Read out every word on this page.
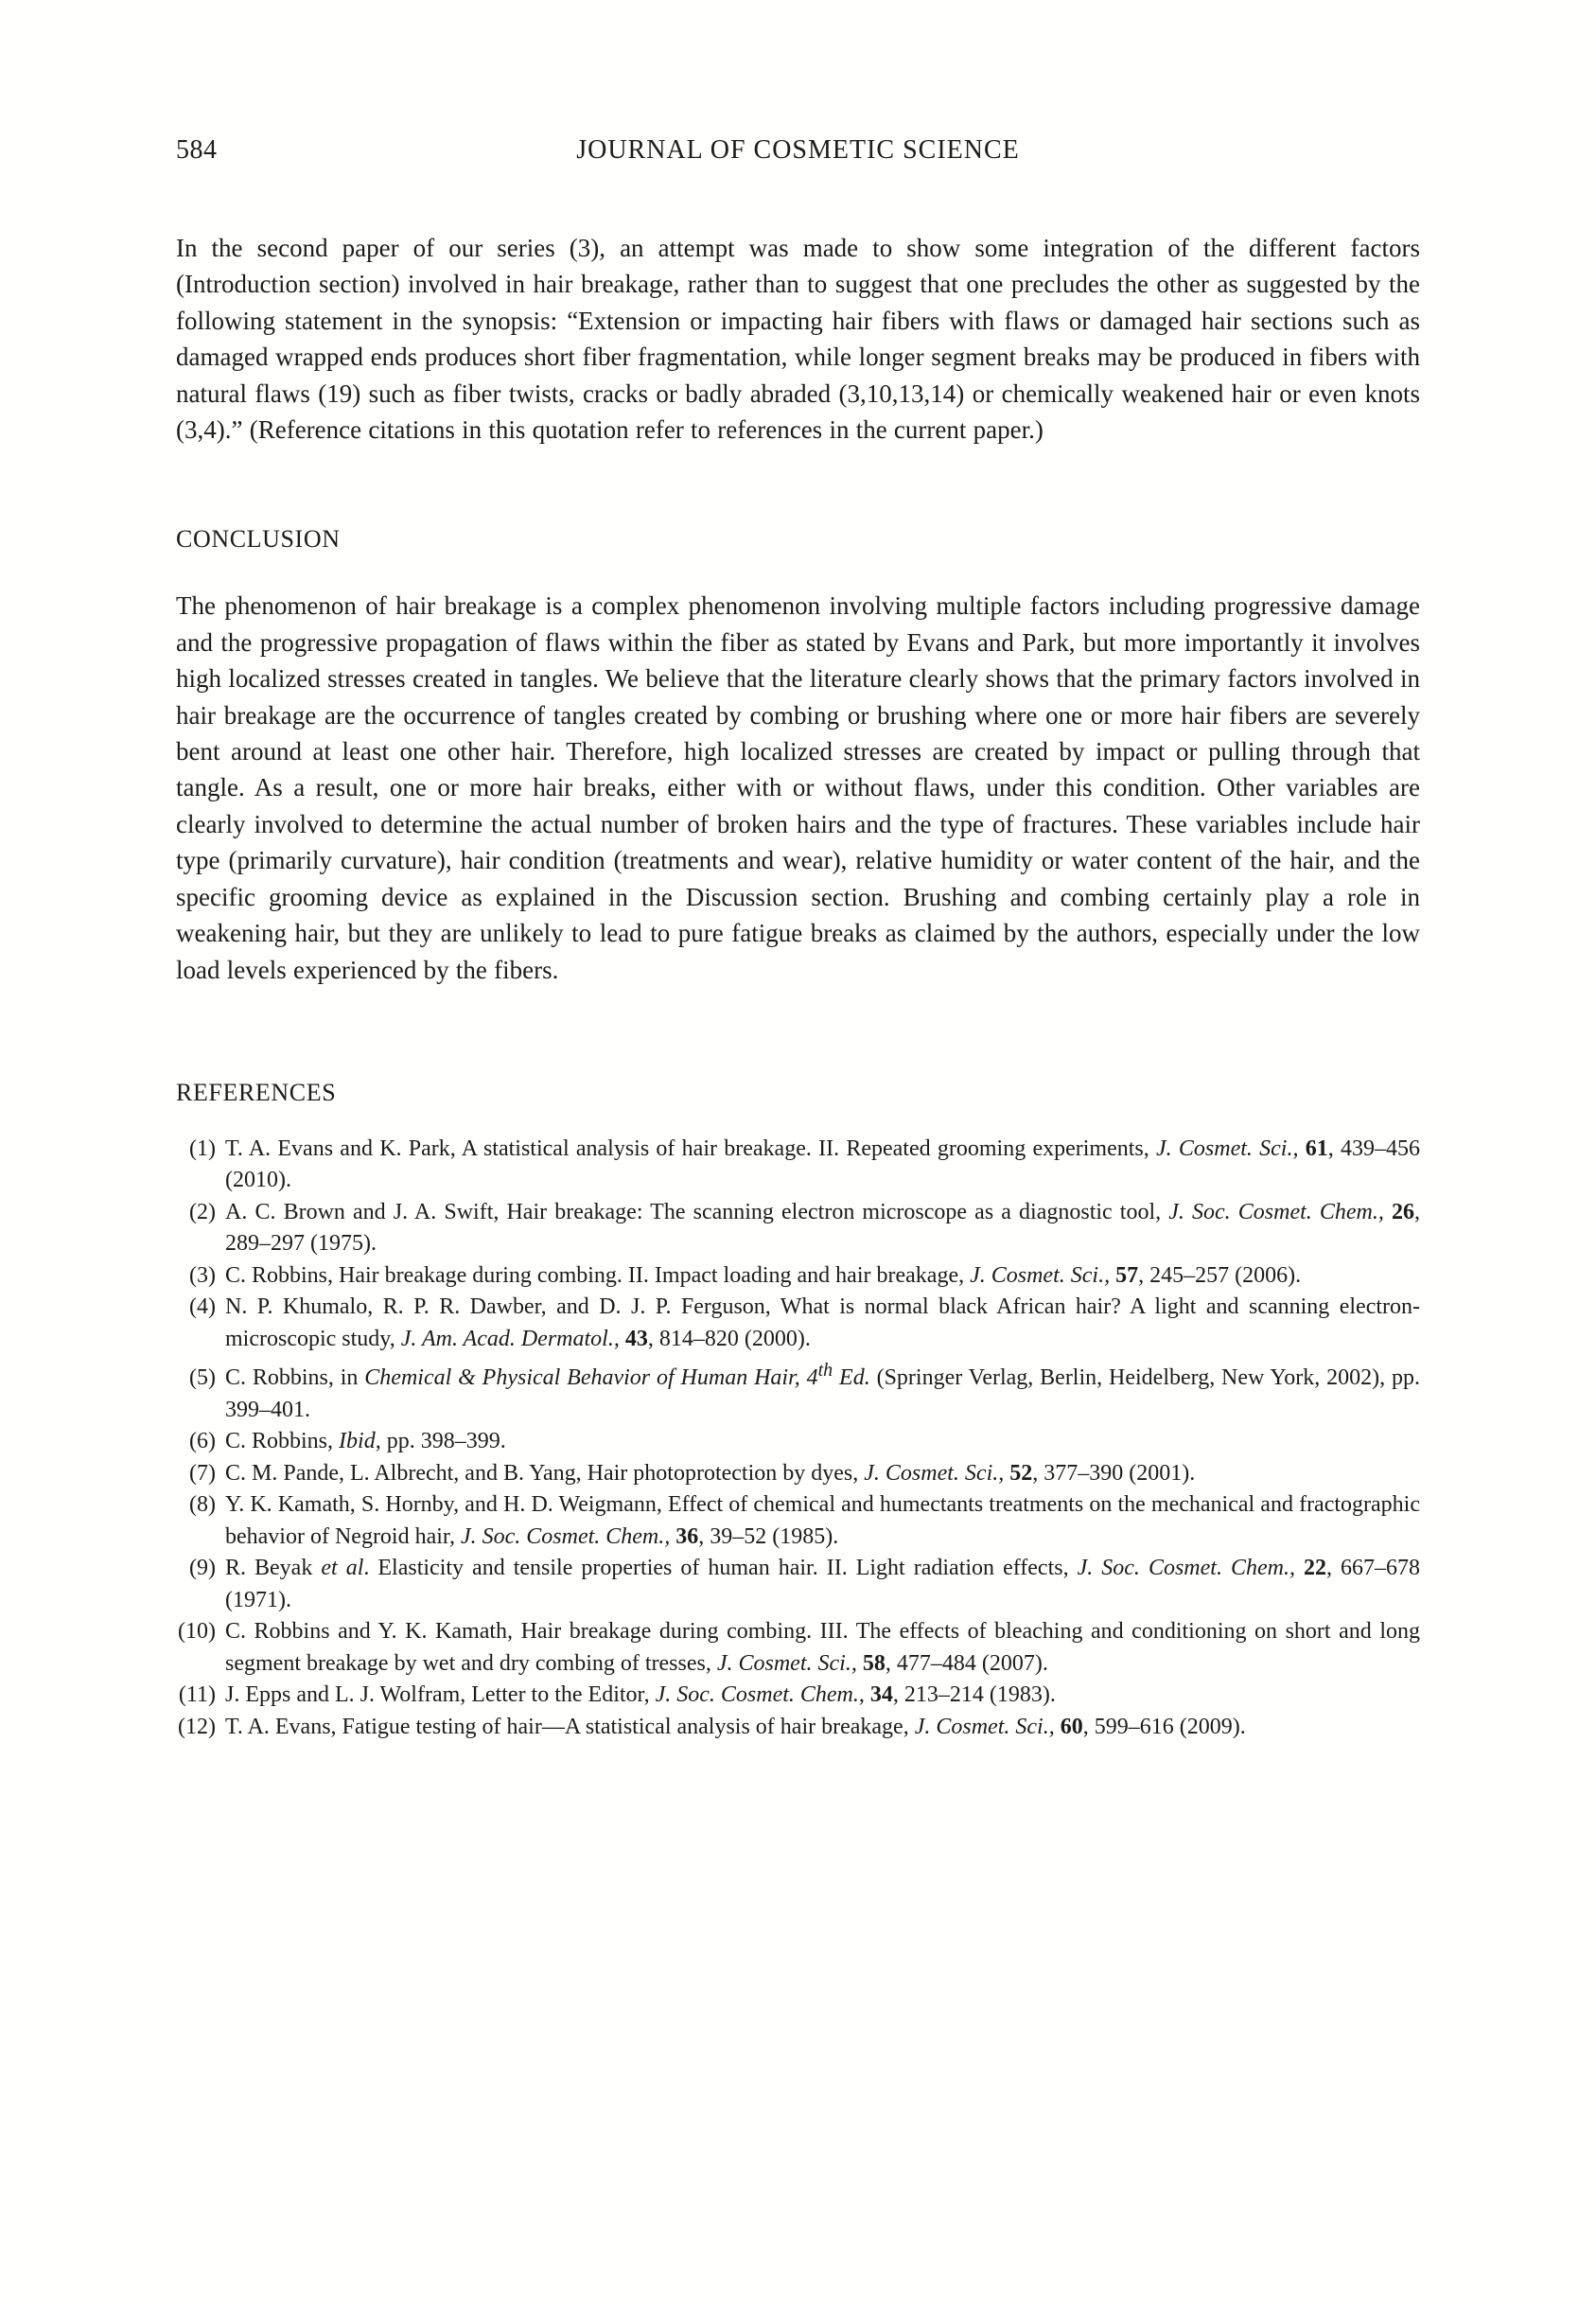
584	JOURNAL OF COSMETIC SCIENCE

In the second paper of our series (3), an attempt was made to show some integration of the different factors (Introduction section) involved in hair breakage, rather than to suggest that one precludes the other as suggested by the following statement in the synopsis: “Extension or impacting hair fibers with flaws or damaged hair sections such as damaged wrapped ends produces short fiber fragmentation, while longer segment breaks may be produced in fibers with natural flaws (19) such as fiber twists, cracks or badly abraded (3,10,13,14) or chemically weakened hair or even knots (3,4).” (Reference citations in this quotation refer to references in the current paper.)

CONCLUSION

The phenomenon of hair breakage is a complex phenomenon involving multiple factors including progressive damage and the progressive propagation of flaws within the fiber as stated by Evans and Park, but more importantly it involves high localized stresses created in tangles. We believe that the literature clearly shows that the primary factors involved in hair breakage are the occurrence of tangles created by combing or brushing where one or more hair fibers are severely bent around at least one other hair. Therefore, high localized stresses are created by impact or pulling through that tangle. As a result, one or more hair breaks, either with or without flaws, under this condition. Other variables are clearly involved to determine the actual number of broken hairs and the type of fractures. These variables include hair type (primarily curvature), hair condition (treatments and wear), relative humidity or water content of the hair, and the specific grooming device as explained in the Discussion section. Brushing and combing certainly play a role in weakening hair, but they are unlikely to lead to pure fatigue breaks as claimed by the authors, especially under the low load levels experienced by the fibers.

REFERENCES
(1) T. A. Evans and K. Park, A statistical analysis of hair breakage. II. Repeated grooming experiments, J. Cosmet. Sci., 61, 439–456 (2010).
(2) A. C. Brown and J. A. Swift, Hair breakage: The scanning electron microscope as a diagnostic tool, J. Soc. Cosmet. Chem., 26, 289–297 (1975).
(3) C. Robbins, Hair breakage during combing. II. Impact loading and hair breakage, J. Cosmet. Sci., 57, 245–257 (2006).
(4) N. P. Khumalo, R. P. R. Dawber, and D. J. P. Ferguson, What is normal black African hair? A light and scanning electron-microscopic study, J. Am. Acad. Dermatol., 43, 814–820 (2000).
(5) C. Robbins, in Chemical & Physical Behavior of Human Hair, 4th Ed. (Springer Verlag, Berlin, Heidelberg, New York, 2002), pp. 399–401.
(6) C. Robbins, Ibid, pp. 398–399.
(7) C. M. Pande, L. Albrecht, and B. Yang, Hair photoprotection by dyes, J. Cosmet. Sci., 52, 377–390 (2001).
(8) Y. K. Kamath, S. Hornby, and H. D. Weigmann, Effect of chemical and humectants treatments on the mechanical and fractographic behavior of Negroid hair, J. Soc. Cosmet. Chem., 36, 39–52 (1985).
(9) R. Beyak et al. Elasticity and tensile properties of human hair. II. Light radiation effects, J. Soc. Cosmet. Chem., 22, 667–678 (1971).
(10) C. Robbins and Y. K. Kamath, Hair breakage during combing. III. The effects of bleaching and conditioning on short and long segment breakage by wet and dry combing of tresses, J. Cosmet. Sci., 58, 477–484 (2007).
(11) J. Epps and L. J. Wolfram, Letter to the Editor, J. Soc. Cosmet. Chem., 34, 213–214 (1983).
(12) T. A. Evans, Fatigue testing of hair—A statistical analysis of hair breakage, J. Cosmet. Sci., 60, 599–616 (2009).
